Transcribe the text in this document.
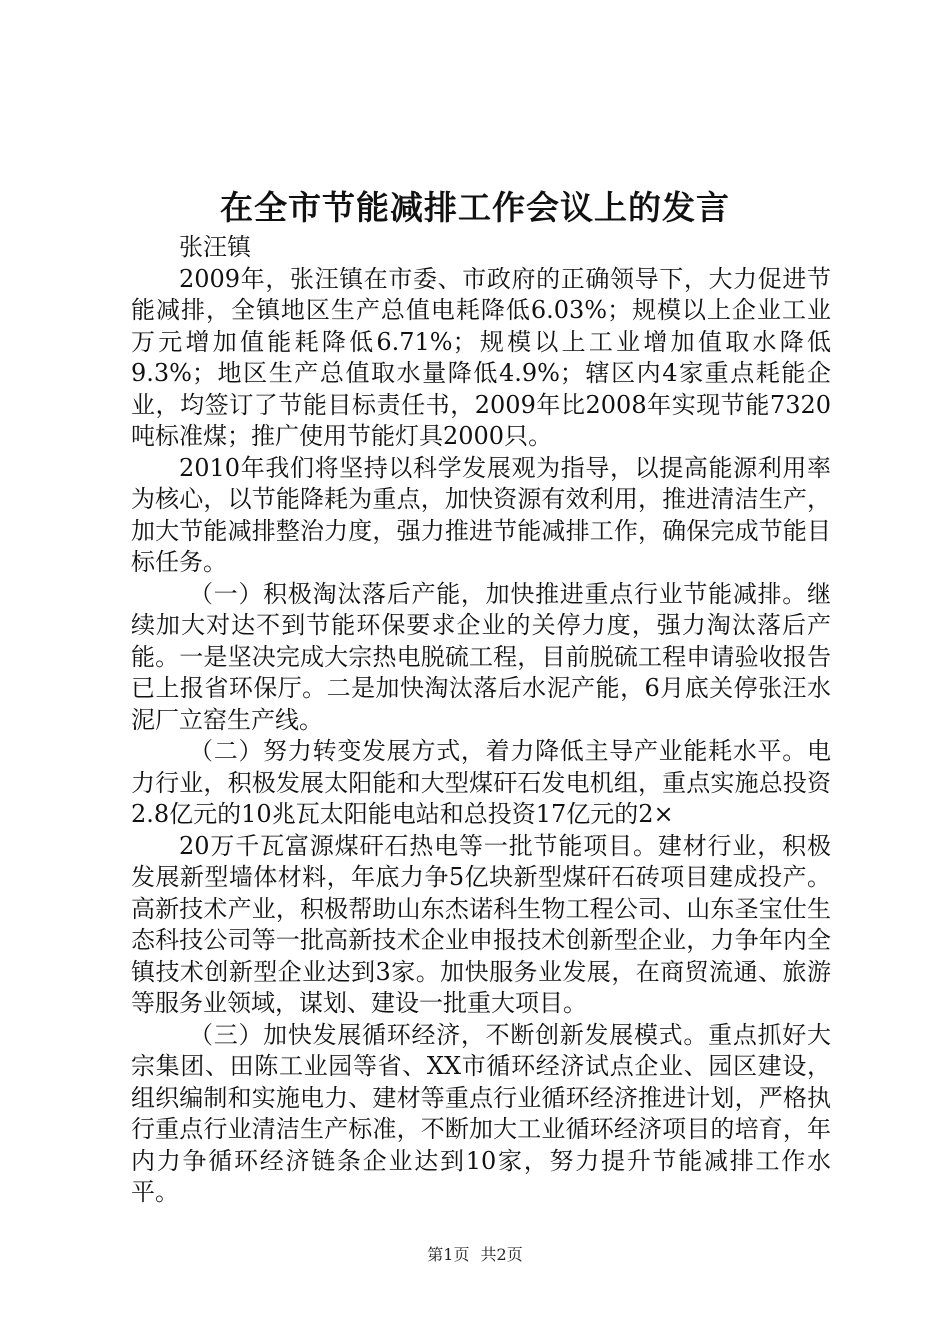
在全市节能减排工作会议上的发言

张汪镇

2009年，张汪镇在市委、市政府的正确领导下，大力促进节能减排，全镇地区生产总值电耗降低6.03%；规模以上企业工业万元增加值能耗降低6.71%；规模以上工业增加值取水降低9.3%；地区生产总值取水量降低4.9%；辖区内4家重点耗能企业，均签订了节能目标责任书，2009年比2008年实现节能7320吨标准煤；推广使用节能灯具2000只。

2010年我们将坚持以科学发展观为指导，以提高能源利用率为核心，以节能降耗为重点，加快资源有效利用，推进清洁生产，加大节能减排整治力度，强力推进节能减排工作，确保完成节能目标任务。

（一）积极淘汰落后产能，加快推进重点行业节能减排。继续加大对达不到节能环保要求企业的关停力度，强力淘汰落后产能。一是坚决完成大宗热电脱硫工程，目前脱硫工程申请验收报告已上报省环保厅。二是加快淘汰落后水泥产能，6月底关停张汪水泥厂立窑生产线。

（二）努力转变发展方式，着力降低主导产业能耗水平。电力行业，积极发展太阳能和大型煤矸石发电机组，重点实施总投资2.8亿元的10兆瓦太阳能电站和总投资17亿元的2×

20万千瓦富源煤矸石热电等一批节能项目。建材行业，积极发展新型墙体材料，年底力争5亿块新型煤矸石砖项目建成投产。高新技术产业，积极帮助山东杰诺科生物工程公司、山东圣宝仕生态科技公司等一批高新技术企业申报技术创新型企业，力争年内全镇技术创新型企业达到3家。加快服务业发展，在商贸流通、旅游等服务业领域，谋划、建设一批重大项目。

（三）加快发展循环经济，不断创新发展模式。重点抓好大宗集团、田陈工业园等省、XX市循环经济试点企业、园区建设，组织编制和实施电力、建材等重点行业循环经济推进计划，严格执行重点行业清洁生产标准，不断加大工业循环经济项目的培育，年内力争循环经济链条企业达到10家，努力提升节能减排工作水平。

第1页 共2页
